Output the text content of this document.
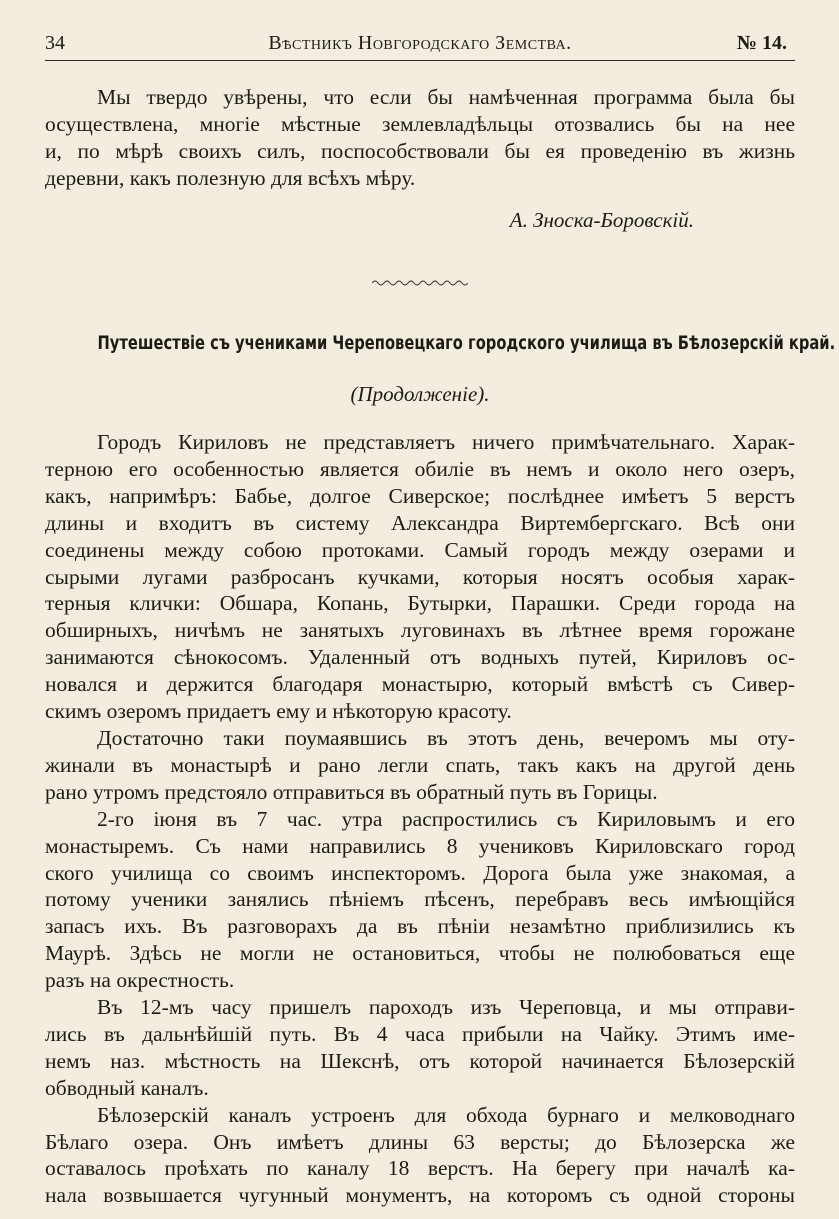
34	Вѣстникъ Новгородскаго Земства.	№ 14.
Мы твердо увѣрены, что если бы намѣченная программа была бы
осуществлена, многіе мѣстные землевладѣльцы отозвались бы на нее
и, по мѣрѣ своихъ силъ, поспособствовали бы ея проведенію въ жизнь
деревни, какъ полезную для всѣхъ мѣру.
А. Зноска-Боровскій.
Путешествіе съ учениками Череповецкаго городского училища въ Бѣлозерскій край.
(Продолженіе).
Городъ Кириловъ не представляетъ ничего примѣчательнаго. Харак-
терною его особенностью является обиліе въ немъ и около него озеръ,
какъ, напримѣръ: Бабье, долгое Сиверское; послѣднее имѣетъ 5 верстъ
длины и входитъ въ систему Александра Виртембергскаго. Всѣ они
соединены между собою протоками. Самый городъ между озерами и
сырыми лугами разбросанъ кучками, которыя носятъ особыя харак-
терныя клички: Обшара, Копань, Бутырки, Парашки. Среди города на
обширныхъ, ничѣмъ не занятыхъ луговинахъ въ лѣтнее время горожане
занимаются сѣнокосомъ. Удаленный отъ водныхъ путей, Кириловъ ос-
новался и держится благодаря монастырю, который вмѣстѣ съ Сивер-
скимъ озеромъ придаетъ ему и нѣкоторую красоту.
Достаточно таки поумаявшись въ этотъ день, вечеромъ мы оту-
жинали въ монастырѣ и рано легли спать, такъ какъ на другой день
рано утромъ предстояло отправиться въ обратный путь въ Горицы.
2-го іюня въ 7 час. утра распростились съ Кириловымъ и его
монастыремъ. Съ нами направились 8 учениковъ Кириловскаго город
ского училища со своимъ инспекторомъ. Дорога была уже знакомая, а
потому ученики занялись пѣніемъ пѣсенъ, перебравъ весь имѣющійся
запасъ ихъ. Въ разговорахъ да въ пѣніи незамѣтно приблизились къ
Маурѣ. Здѣсь не могли не остановиться, чтобы не полюбоваться еще
разъ на окрестность.
Въ 12-мъ часу пришелъ пароходъ изъ Череповца, и мы отправи-
лись въ дальнѣйшій путь. Въ 4 часа прибыли на Чайку. Этимъ име-
немъ наз. мѣстность на Шекснѣ, отъ которой начинается Бѣлозерскій
обводный каналъ.
Бѣлозерскій каналъ устроенъ для обхода бурнаго и мелководнаго
Бѣлаго озера. Онъ имѣетъ длины 63 версты; до Бѣлозерска же
оставалось проѣхать по каналу 18 верстъ. На берегу при началѣ ка-
нала возвышается чугунный монументъ, на которомъ съ одной стороны
